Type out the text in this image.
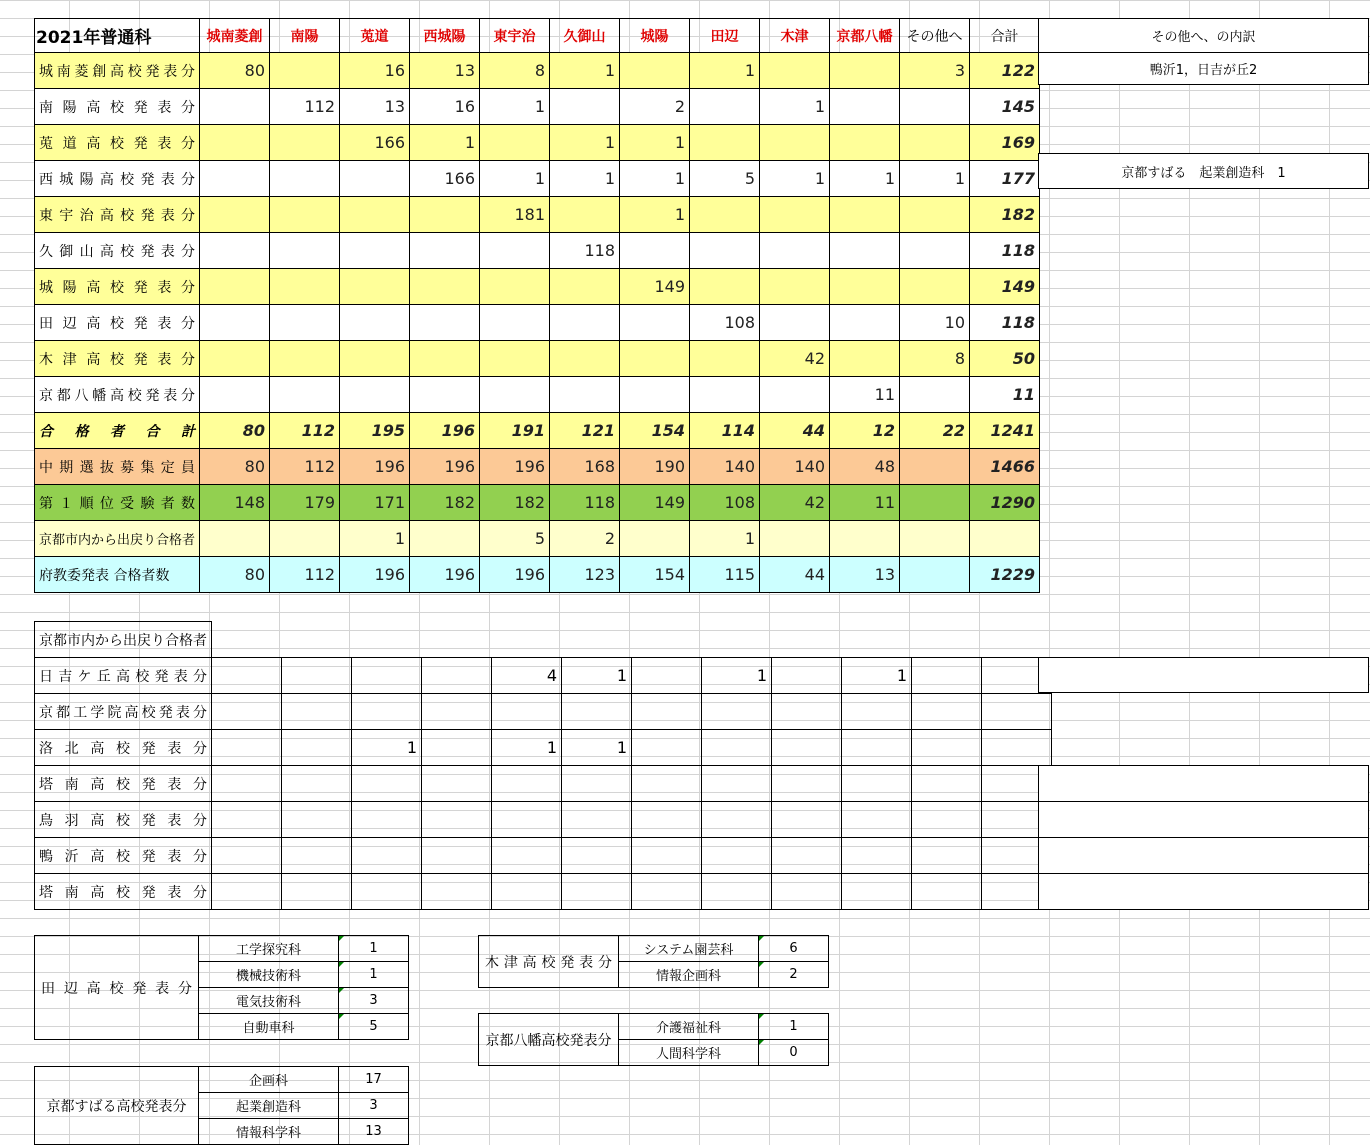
2021年普通科	城南菱創	南陽	莵道	西城陽	東宇治	久御山	城陽	田辺	木津	京都八幡	その他へ	合計
城南菱創高校発表分	80		16	13	8	1		1			3	122
南陽高校発表分		112	13	16	1		2		1			145
莵道高校発表分			166	1		1	1					169
西城陽高校発表分				166	1	1	1	5	1	1	1	177
東宇治高校発表分					181		1					182
久御山高校発表分						118						118
城陽高校発表分							149					149
田辺高校発表分								108			10	118
木津高校発表分									42		8	50
京都八幡高校発表分										11		11
合格者合計	80	112	195	196	191	121	154	114	44	12	22	1241
中期選抜募集定員	80	112	196	196	196	168	190	140	140	48		1466
第１順位受験者数	148	179	171	182	182	118	149	108	42	11		1290
京都市内から出戻り合格者			1		5	2		1				
府教委発表 合格者数	80	112	196	196	196	123	154	115	44	13		1229
その他へ、の内訳
鴨沂1，日吉が丘2
京都すばる　起業創造科　1
京都市内から出戻り合格者												
日吉ケ丘高校発表分					4	1		1		1		
京都工学院高校発表分												
洛北高校発表分			1		1	1						
塔南高校発表分												
鳥羽高校発表分												
鴨沂高校発表分												
塔南高校発表分												

田辺高校発表分	工学探究科	1
	機械技術科	1
	電気技術科	3
	自動車科	5
京都すばる高校発表分	企画科	17
	起業創造科	3
	情報科学科	13
木津高校発表分	システム園芸科	6
	情報企画科	2
京都八幡高校発表分	介護福祉科	1
	人間科学科	0
